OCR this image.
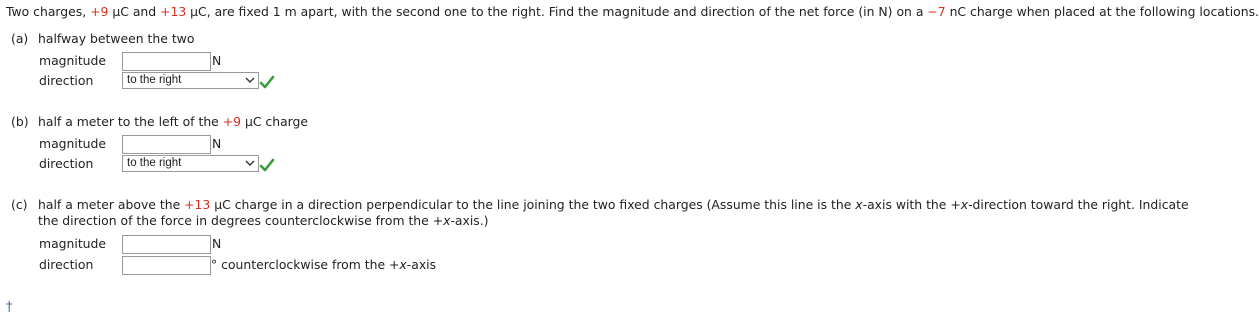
Two charges, +9 μC and +13 μC, are fixed 1 m apart, with the second one to the right. Find the magnitude and direction of the net force (in N) on a −7 nC charge when placed at the following locations.
(a) halfway between the two
magnitude	N
direction	to the right
(b) half a meter to the left of the +9 μC charge
magnitude	N
direction	to the right
(c) half a meter above the +13 μC charge in a direction perpendicular to the line joining the two fixed charges (Assume this line is the x-axis with the +x-direction toward the right. Indicate the direction of the force in degrees counterclockwise from the +x-axis.)
magnitude	N
direction	° counterclockwise from the +x-axis
†
